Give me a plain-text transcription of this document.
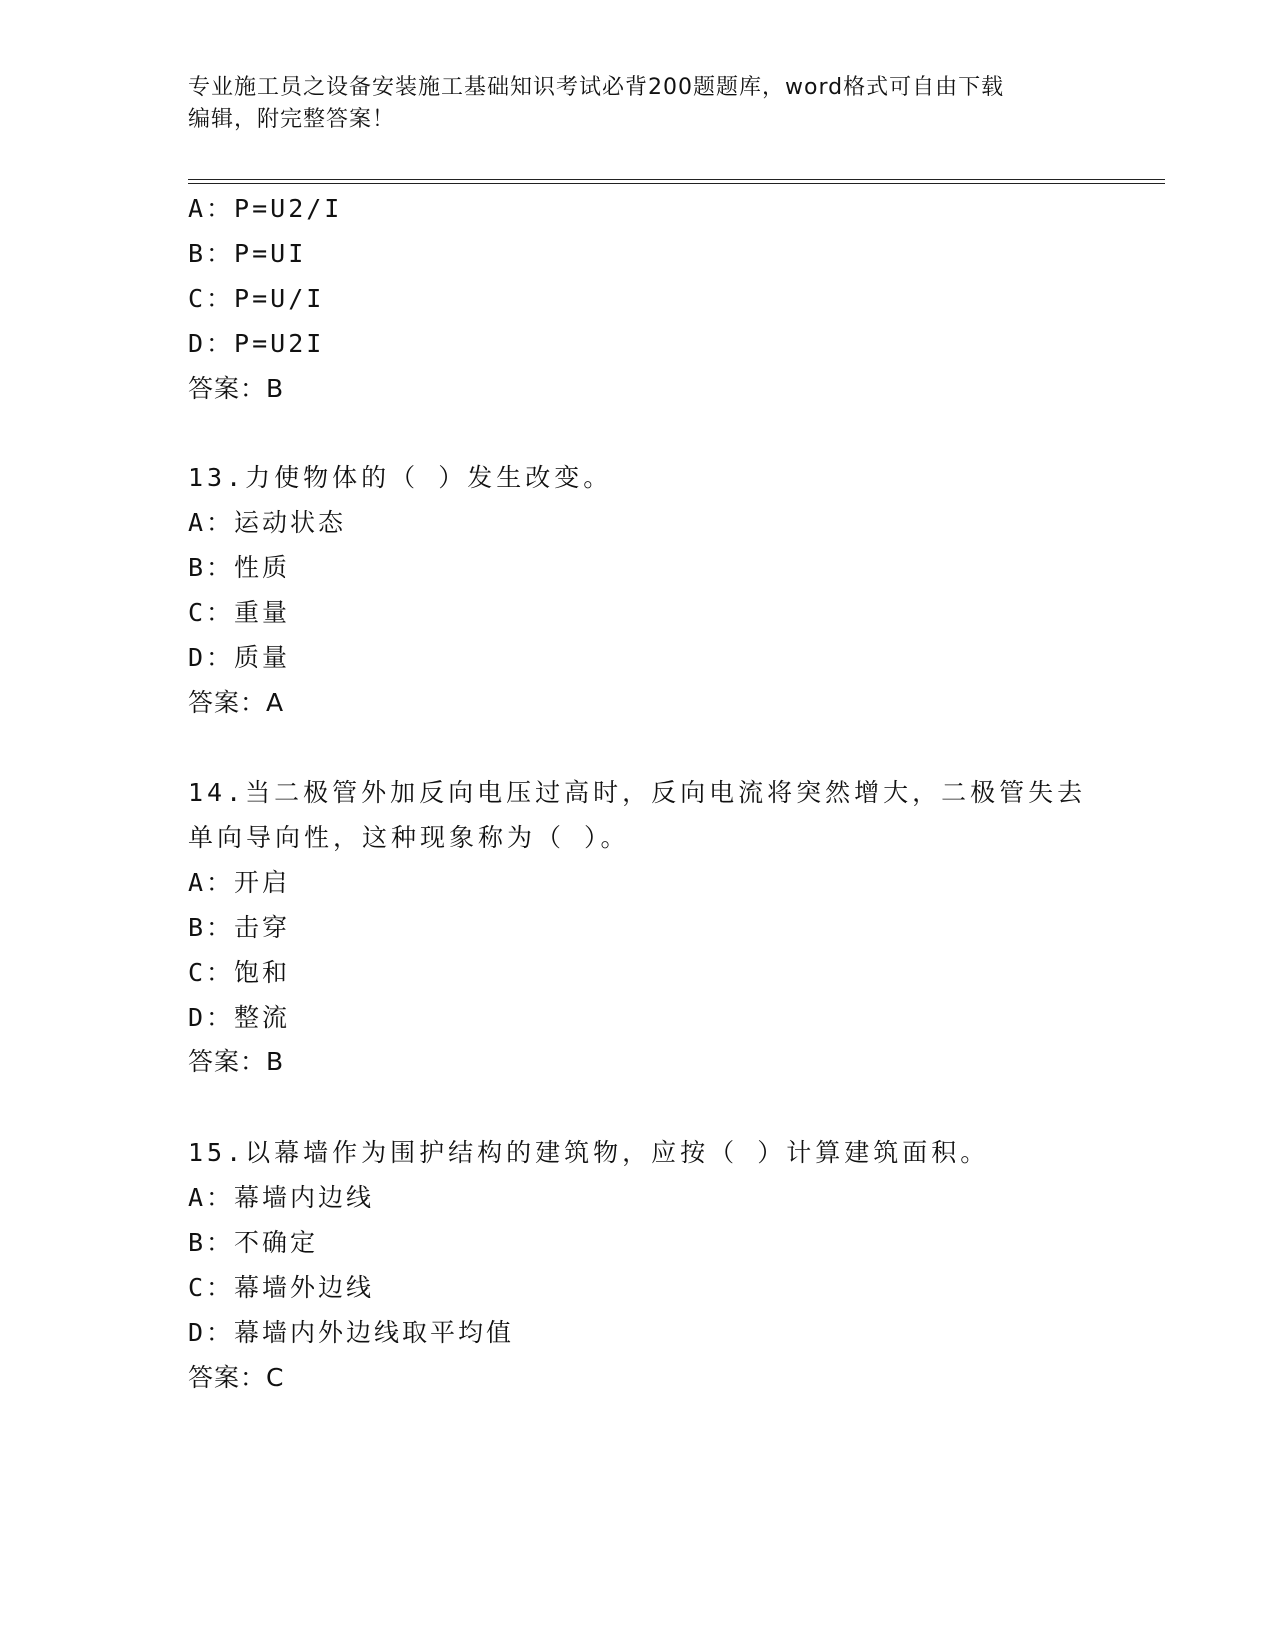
专业施工员之设备安装施工基础知识考试必背200题题库，word格式可自由下载
编辑，附完整答案！
A：P=U2/I
B：P=UI
C：P=U/I
D：P=U2I
答案：B
13.力使物体的（ ）发生改变。
A：运动状态
B：性质
C：重量
D：质量
答案：A
14.当二极管外加反向电压过高时，反向电流将突然增大，二极管失去
单向导向性，这种现象称为（ ）。
A：开启
B：击穿
C：饱和
D：整流
答案：B
15.以幕墙作为围护结构的建筑物，应按（ ）计算建筑面积。
A：幕墙内边线
B：不确定
C：幕墙外边线
D：幕墙内外边线取平均值
答案：C
